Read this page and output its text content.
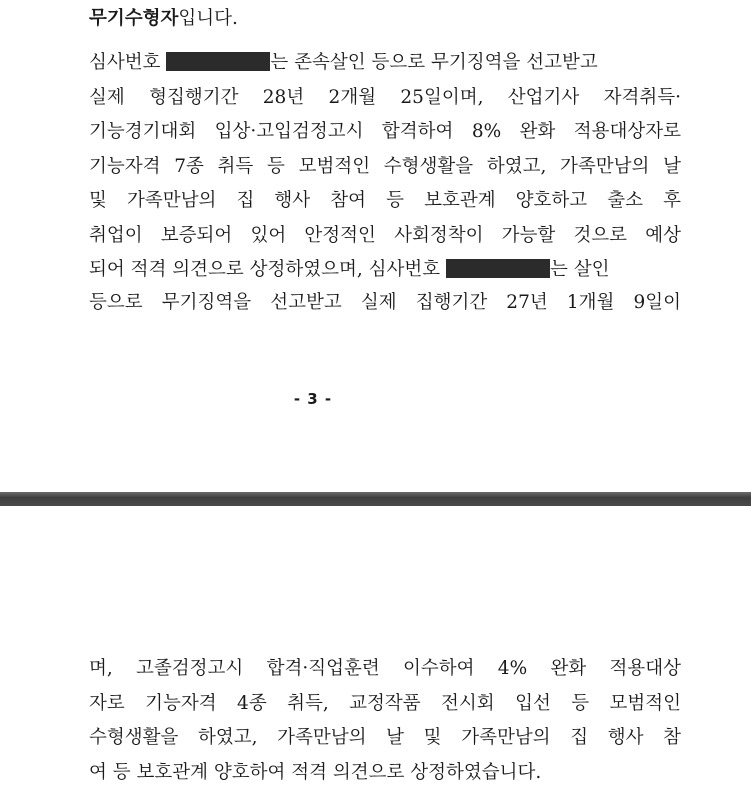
무기수형자입니다.
심사번호	는 존속살인 등으로 무기징역을 선고받고
실제 형집행기간 28년 2개월 25일이며, 산업기사 자격취득·
기능경기대회 입상·고입검정고시 합격하여 8% 완화 적용대상자로
기능자격 7종 취득 등 모범적인 수형생활을 하였고, 가족만남의 날
및 가족만남의 집 행사 참여 등 보호관계 양호하고 출소 후
취업이 보증되어 있어 안정적인 사회정착이 가능할 것으로 예상
되어 적격 의견으로 상정하였으며, 심사번호	는 살인
등으로 무기징역을 선고받고 실제 집행기간 27년 1개월 9일이
- 3 -
며, 고졸검정고시 합격·직업훈련 이수하여 4% 완화 적용대상
자로 기능자격 4종 취득, 교정작품 전시회 입선 등 모범적인
수형생활을 하였고, 가족만남의 날 및 가족만남의 집 행사 참
여 등 보호관계 양호하여 적격 의견으로 상정하였습니다.
